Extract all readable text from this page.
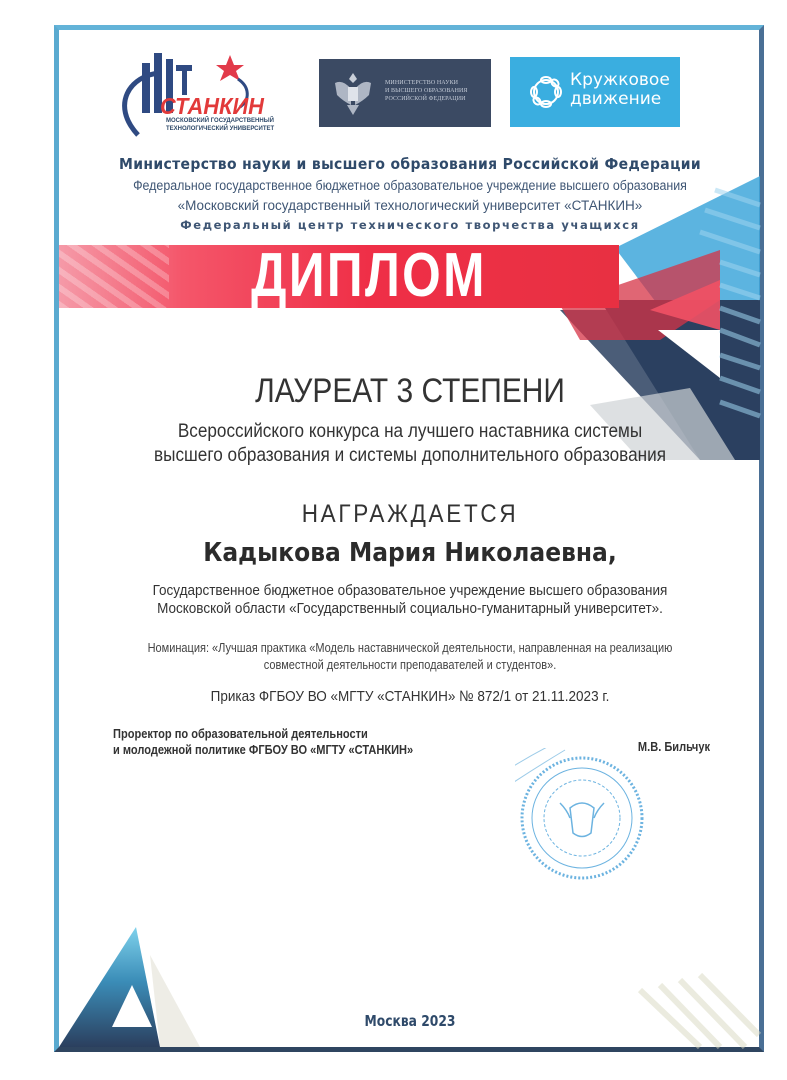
СТАНКИН
МОСКОВСКИЙ ГОСУДАРСТВЕННЫЙ
ТЕХНОЛОГИЧЕСКИЙ УНИВЕРСИТЕТ
МИНИСТЕРСТВО НАУКИ
И ВЫСШЕГО ОБРАЗОВАНИЯ
РОССИЙСКОЙ ФЕДЕРАЦИИ
Кружковое
движение
Министерство науки и высшего образования Российской Федерации
Федеральное государственное бюджетное образовательное учреждение высшего образования
«Московский государственный технологический университет «СТАНКИН»
Федеральный центр технического творчества учащихся
ДИПЛОМ
ЛАУРЕАТ 3 СТЕПЕНИ
Всероссийского конкурса на лучшего наставника системы
высшего образования и системы дополнительного образования
НАГРАЖДАЕТСЯ
Кадыкова Мария Николаевна,
Государственное бюджетное образовательное учреждение высшего образования
Московской области «Государственный социально-гуманитарный университет».
Номинация: «Лучшая практика «Модель наставнической деятельности, направленная на реализацию
совместной деятельности преподавателей и студентов».
Приказ ФГБОУ ВО «МГТУ «СТАНКИН» № 872/1 от 21.11.2023 г.
Проректор по образовательной деятельности
и молодежной политике ФГБОУ ВО «МГТУ «СТАНКИН»	М.В. Бильчук
Москва 2023
